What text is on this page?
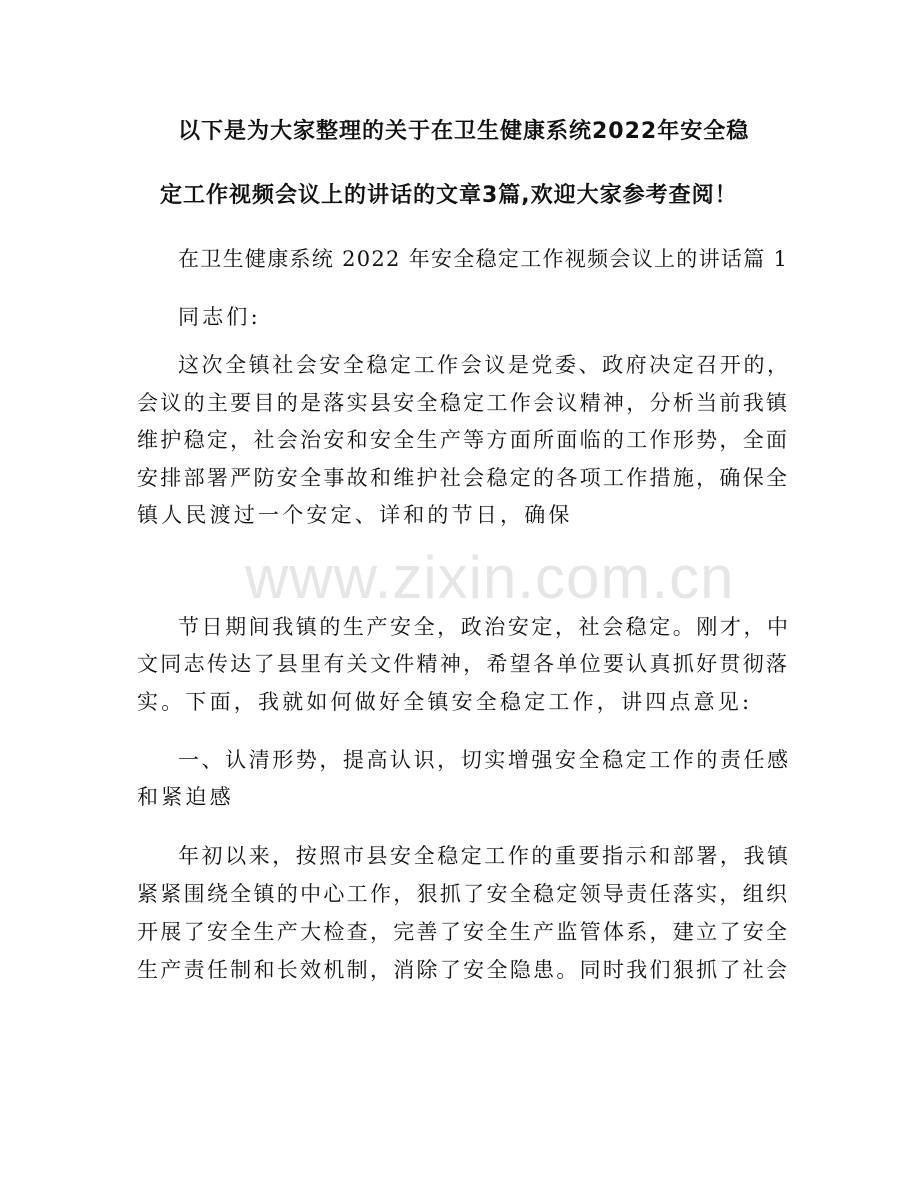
www.zixin.com.cn
以下是为大家整理的关于在卫生健康系统2022年安全稳
定工作视频会议上的讲话的文章3篇,欢迎大家参考查阅！
在卫生健康系统 2022 年安全稳定工作视频会议上的讲话篇 1
同志们:
这次全镇社会安全稳定工作会议是党委、政府决定召开的，
会议的主要目的是落实县安全稳定工作会议精神，分析当前我镇
维护稳定，社会治安和安全生产等方面所面临的工作形势，全面
安排部署严防安全事故和维护社会稳定的各项工作措施，确保全
镇人民渡过一个安定、详和的节日，确保
节日期间我镇的生产安全，政治安定，社会稳定。刚才，中
文同志传达了县里有关文件精神，希望各单位要认真抓好贯彻落
实。下面，我就如何做好全镇安全稳定工作，讲四点意见:
一、认清形势，提高认识，切实增强安全稳定工作的责任感
和紧迫感
年初以来，按照市县安全稳定工作的重要指示和部署，我镇
紧紧围绕全镇的中心工作，狠抓了安全稳定领导责任落实，组织
开展了安全生产大检查，完善了安全生产监管体系，建立了安全
生产责任制和长效机制，消除了安全隐患。同时我们狠抓了社会
